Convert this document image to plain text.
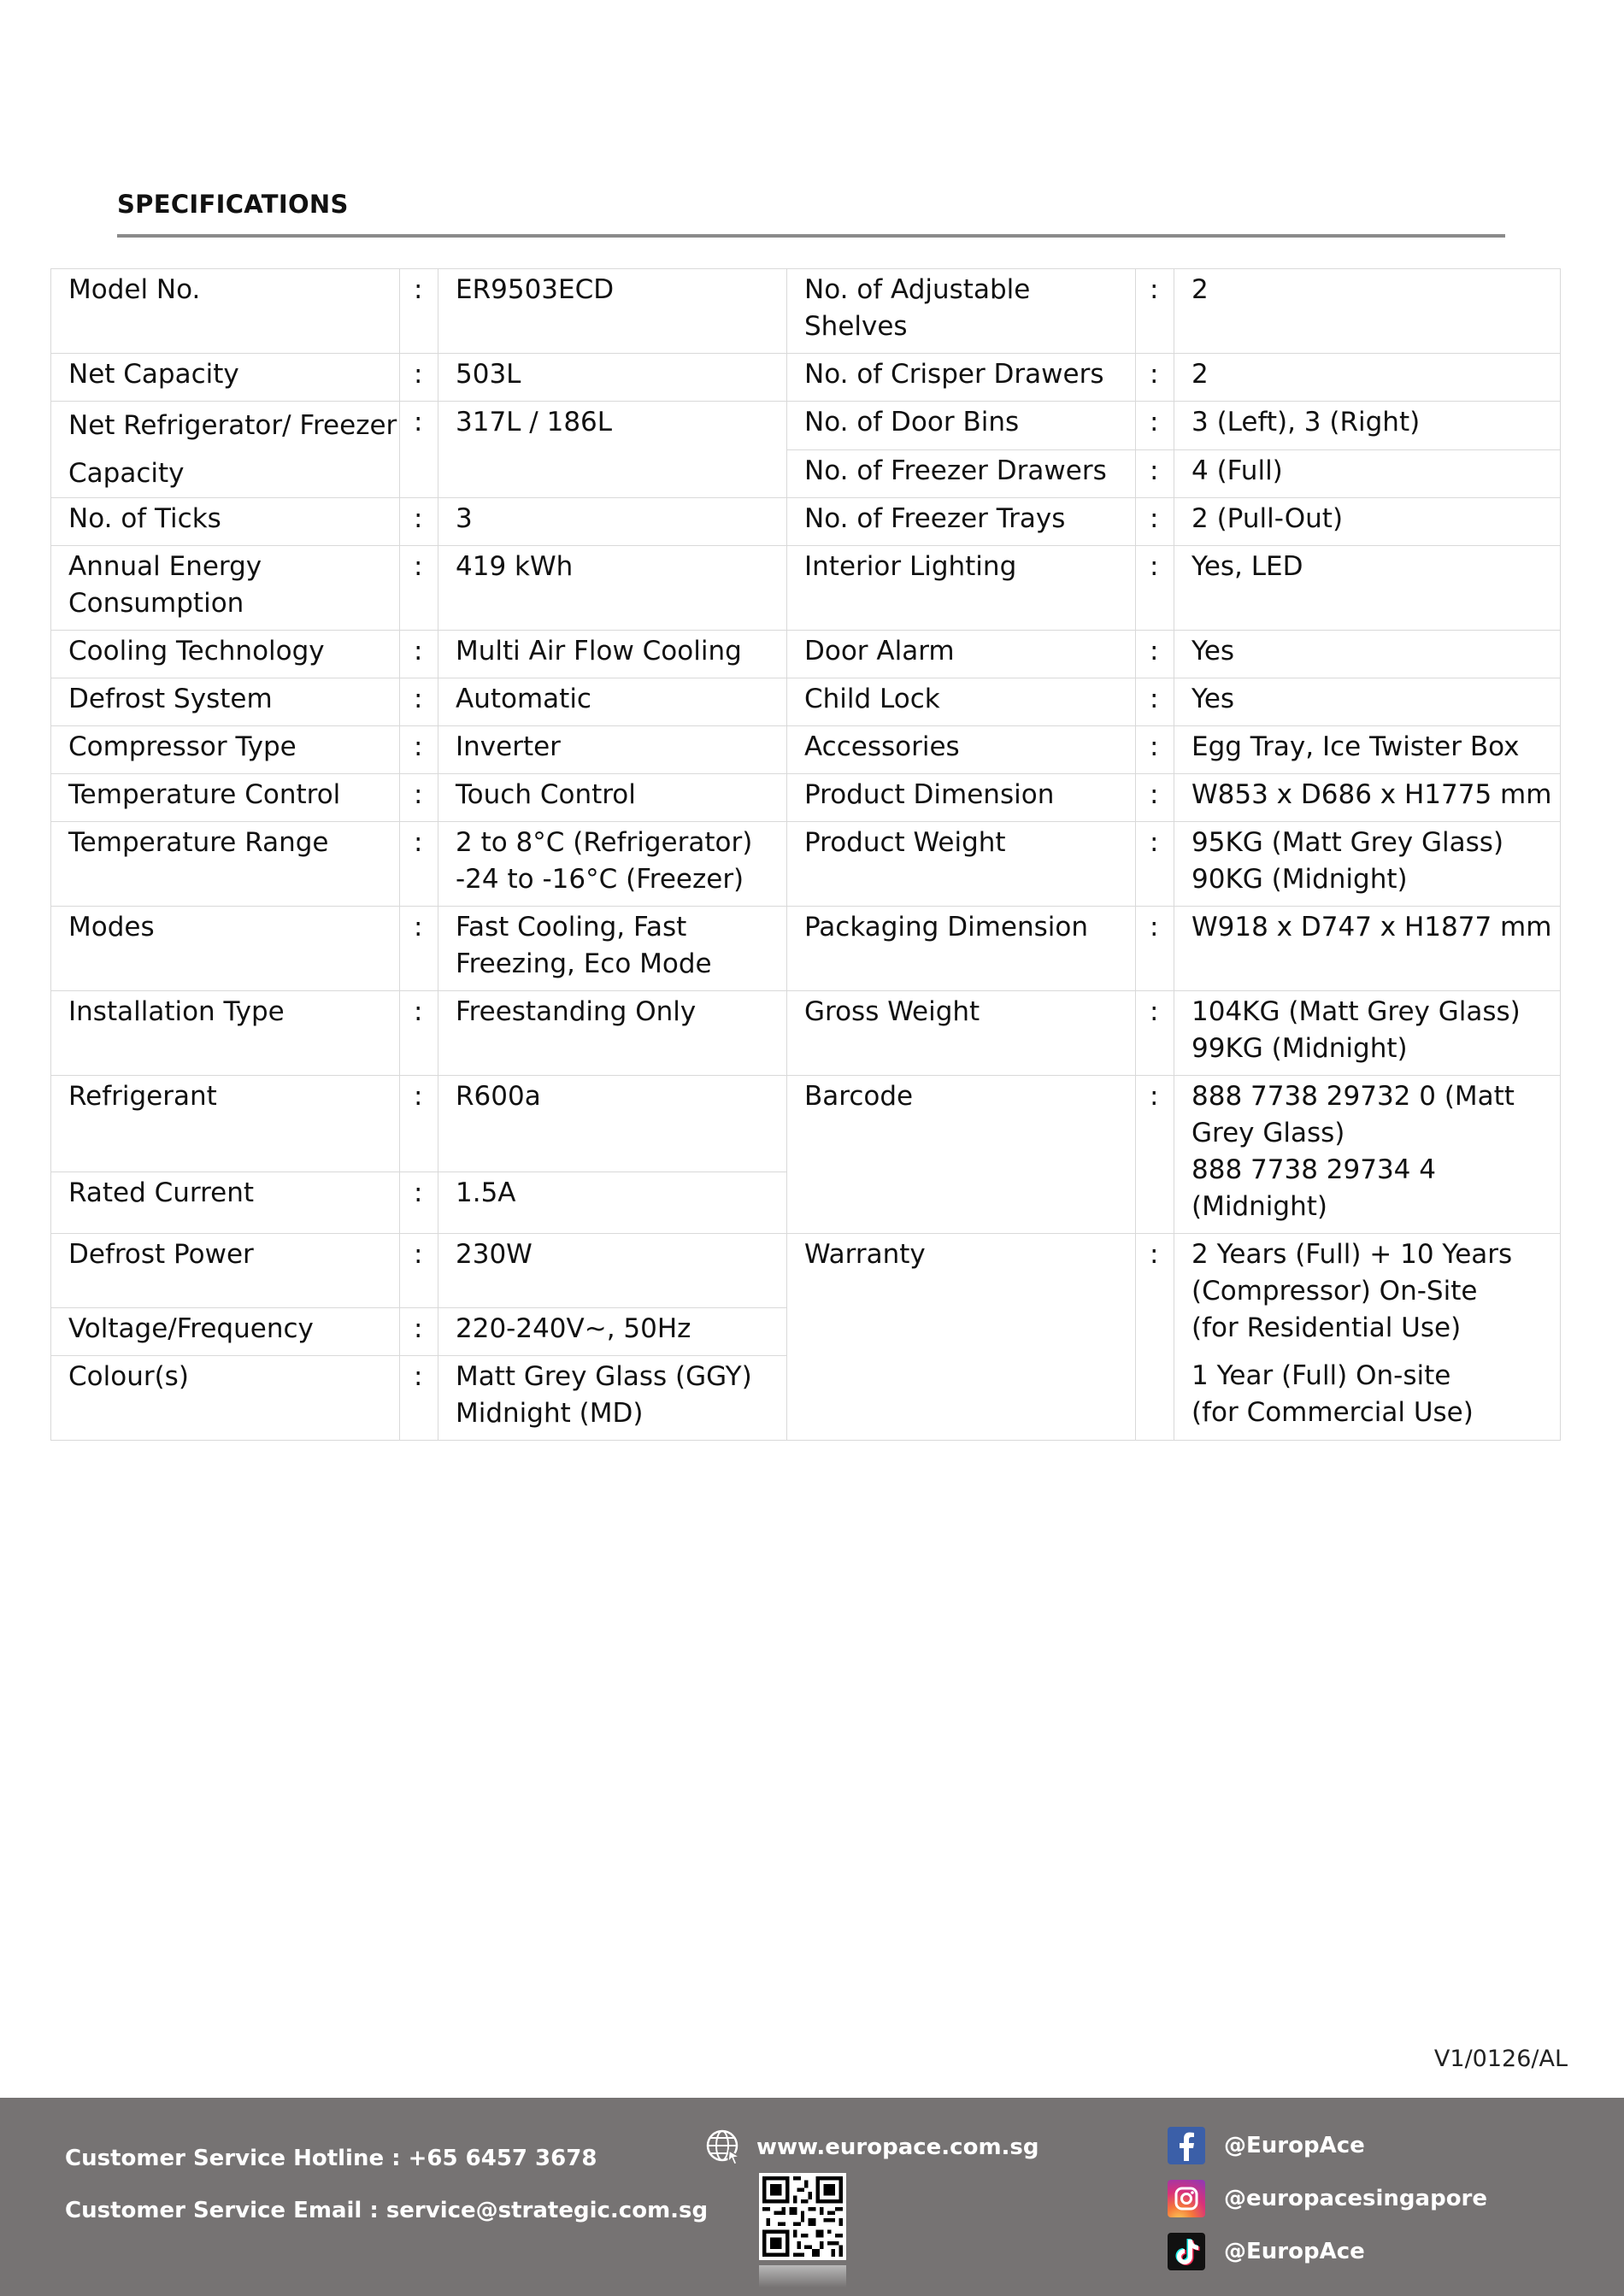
SPECIFICATIONS
Model No.	:	ER9503ECD	No. of Adjustable Shelves	:	2

Net Capacity	:	503L	No. of Crisper Drawers	:	2

Net Refrigerator/ Freezer
Capacity	:	317L / 186L	No. of Door Bins	:	3 (Left), 3 (Right)

			No. of Freezer Drawers	:	4 (Full)

No. of Ticks	:	3	No. of Freezer Trays	:	2 (Pull-Out)

Annual Energy Consumption	:	419 kWh	Interior Lighting	:	Yes, LED

Cooling Technology	:	Multi Air Flow Cooling	Door Alarm	:	Yes

Defrost System	:	Automatic	Child Lock	:	Yes

Compressor Type	:	Inverter	Accessories	:	Egg Tray, Ice Twister Box

Temperature Control	:	Touch Control	Product Dimension	:	W853 x D686 x H1775 mm

Temperature Range	:	2 to 8°C (Refrigerator)
-24 to -16°C (Freezer)	Product Weight	:	95KG (Matt Grey Glass)
90KG (Midnight)

Modes	:	Fast Cooling, Fast
Freezing, Eco Mode	Packaging Dimension	:	W918 x D747 x H1877 mm

Installation Type	:	Freestanding Only	Gross Weight	:	104KG (Matt Grey Glass)
99KG (Midnight)

Refrigerant	:	R600a	Barcode	:	888 7738 29732 0 (Matt
Grey Glass)
888 7738 29734 4 (Midnight)

Rated Current	:	1.5A			

Defrost Power	:	230W	Warranty	:	2 Years (Full) + 10 Years
(Compressor) On-Site
(for Residential Use)
1 Year (Full) On-site
(for Commercial Use)

Voltage/Frequency	:	220-240V~, 50Hz			

Colour(s)	:	Matt Grey Glass (GGY)
Midnight (MD)			
V1/0126/AL
Customer Service Hotline : +65 6457 3678
Customer Service Email : service@strategic.com.sg
www.europace.com.sg	@EuropAce
@europacesingapore
@EuropAce
